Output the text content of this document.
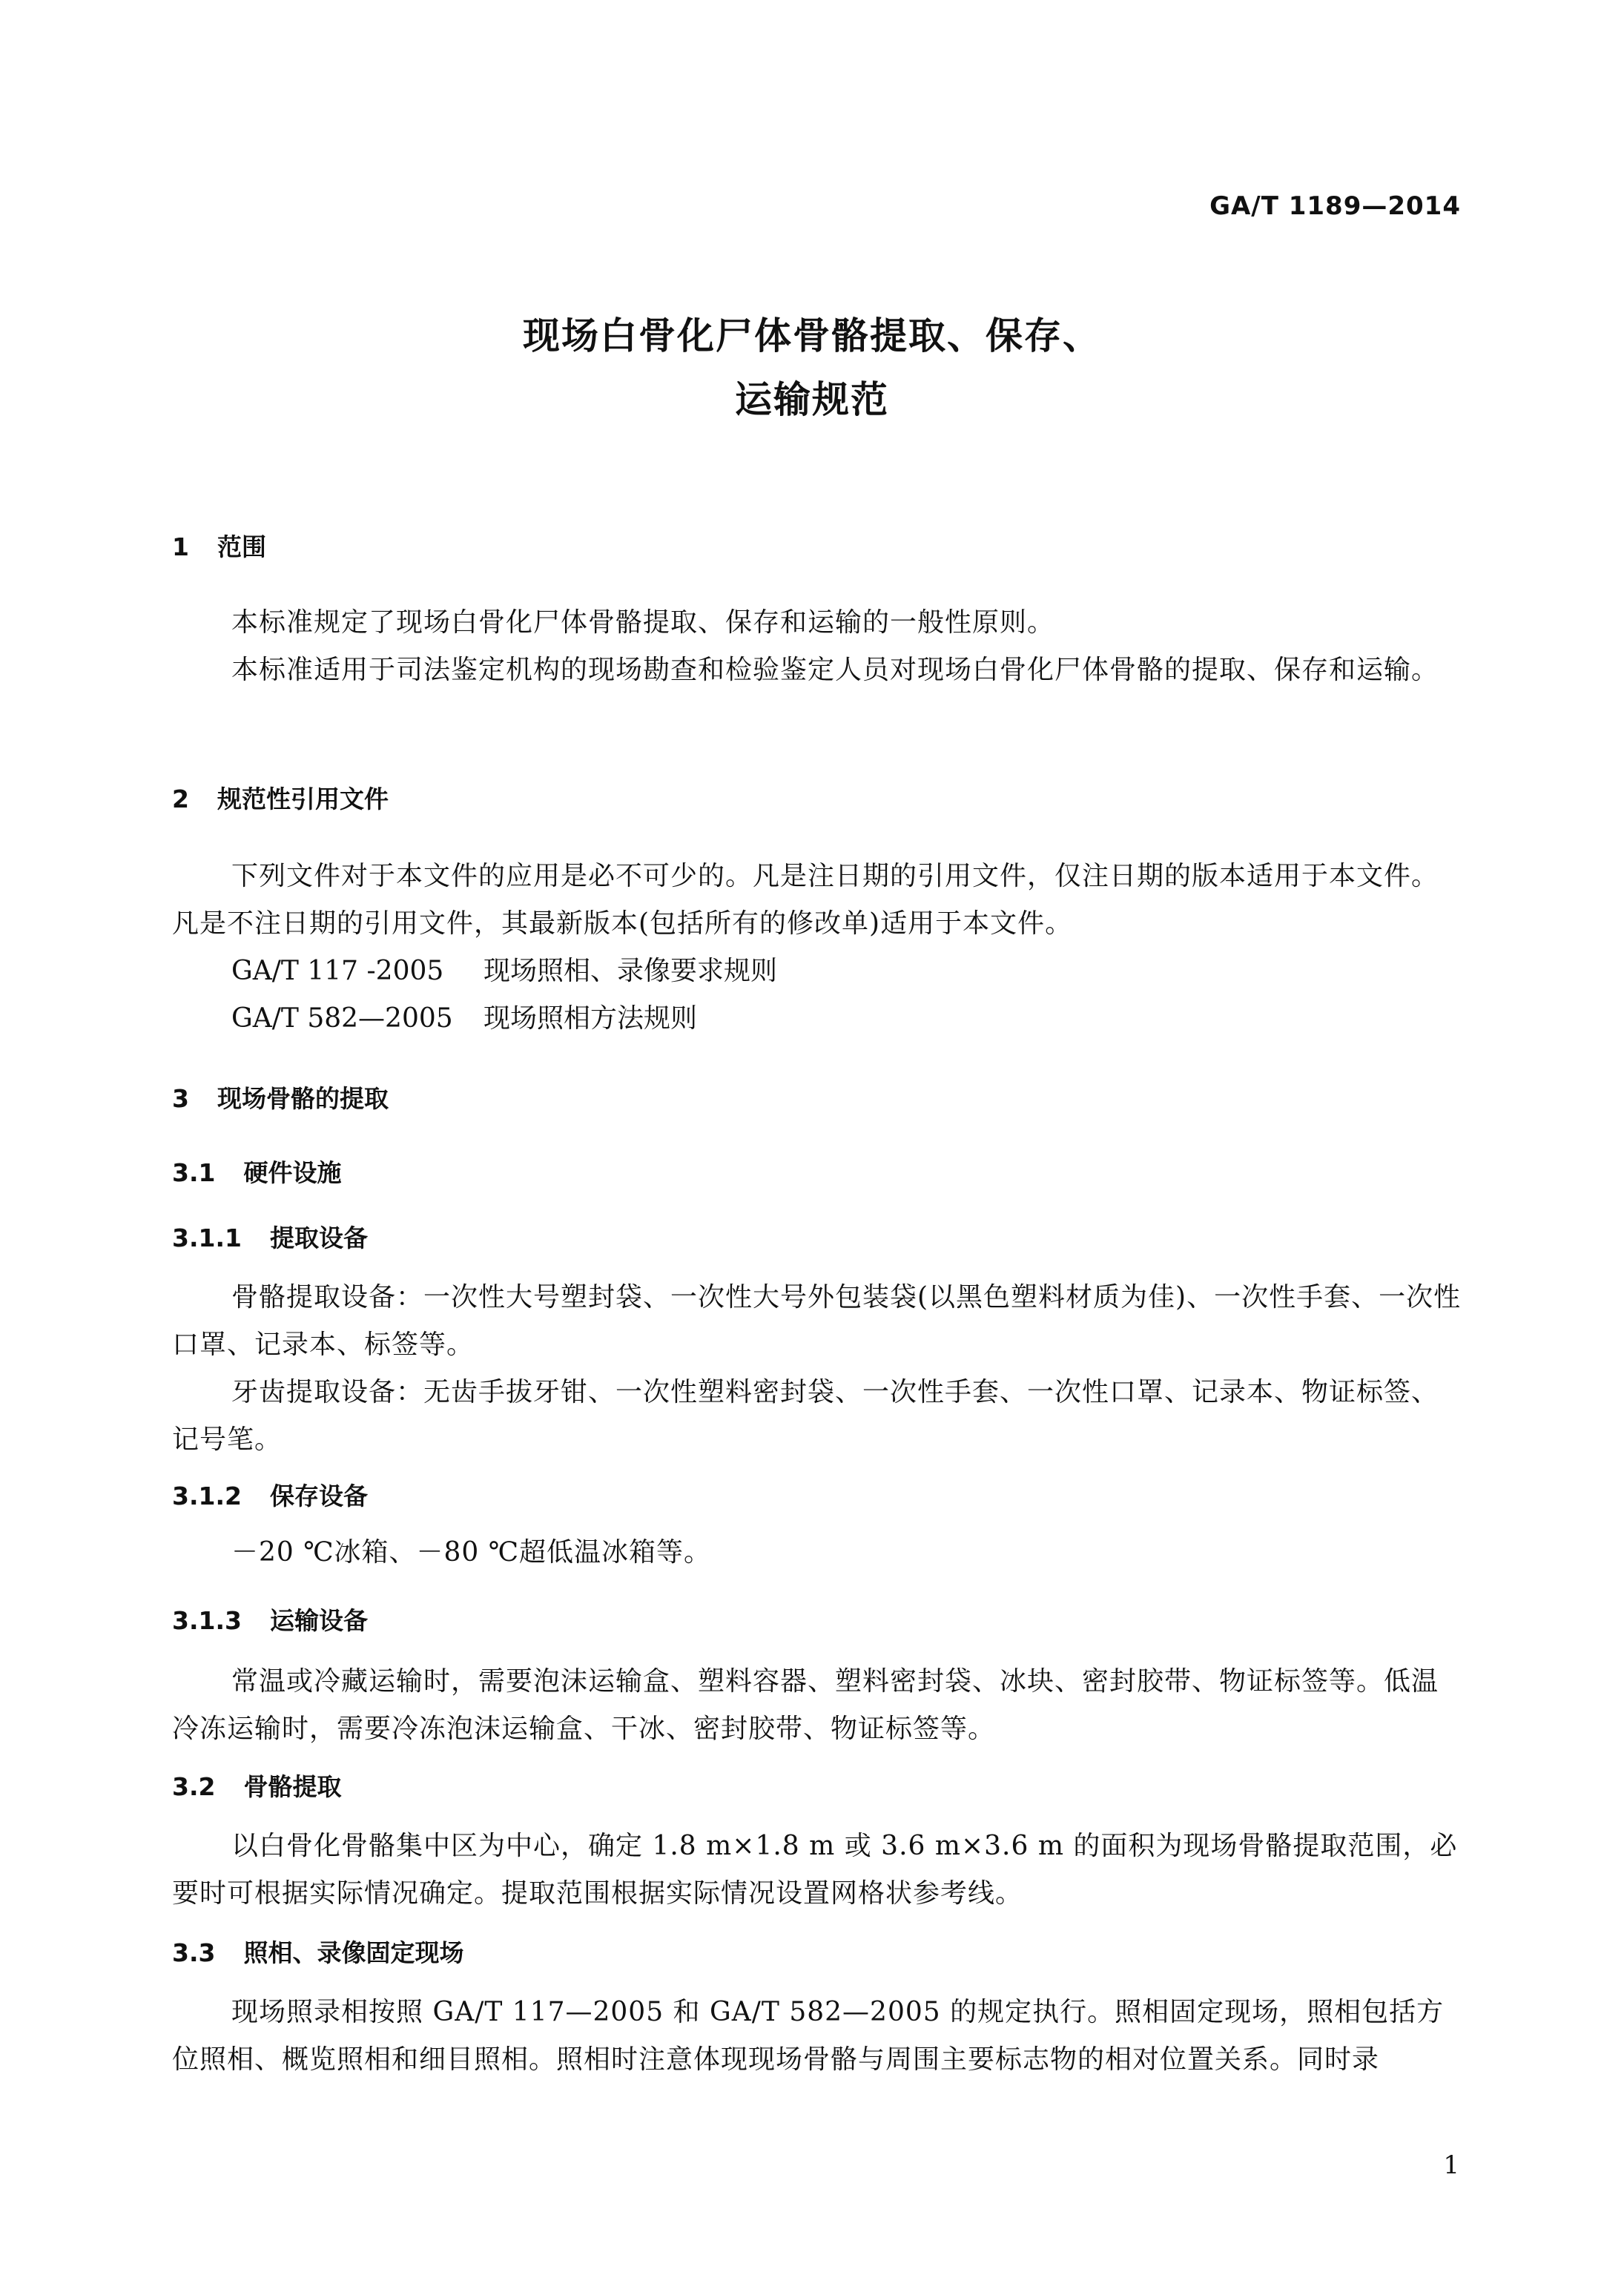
GA/T 1189—2014
现场白骨化尸体骨骼提取、保存、
运输规范
1 范围
本标准规定了现场白骨化尸体骨骼提取、保存和运输的一般性原则。
本标准适用于司法鉴定机构的现场勘查和检验鉴定人员对现场白骨化尸体骨骼的提取、保存和运输。
2 规范性引用文件
下列文件对于本文件的应用是必不可少的。凡是注日期的引用文件，仅注日期的版本适用于本文件。凡是不注日期的引用文件，其最新版本(包括所有的修改单)适用于本文件。
GA/T 117 -2005 现场照相、录像要求规则
GA/T 582—2005 现场照相方法规则
3 现场骨骼的提取
3.1 硬件设施
3.1.1 提取设备
骨骼提取设备：一次性大号塑封袋、一次性大号外包装袋(以黑色塑料材质为佳)、一次性手套、一次性口罩、记录本、标签等。
牙齿提取设备：无齿手拔牙钳、一次性塑料密封袋、一次性手套、一次性口罩、记录本、物证标签、记号笔。
3.1.2 保存设备
－20 ℃冰箱、－80 ℃超低温冰箱等。
3.1.3 运输设备
常温或冷藏运输时，需要泡沫运输盒、塑料容器、塑料密封袋、冰块、密封胶带、物证标签等。低温冷冻运输时，需要冷冻泡沫运输盒、干冰、密封胶带、物证标签等。
3.2 骨骼提取
以白骨化骨骼集中区为中心，确定 1.8 m×1.8 m 或 3.6 m×3.6 m 的面积为现场骨骼提取范围，必要时可根据实际情况确定。提取范围根据实际情况设置网格状参考线。
3.3 照相、录像固定现场
现场照录相按照 GA/T 117—2005 和 GA/T 582—2005 的规定执行。照相固定现场，照相包括方位照相、概览照相和细目照相。照相时注意体现现场骨骼与周围主要标志物的相对位置关系。同时录
1
